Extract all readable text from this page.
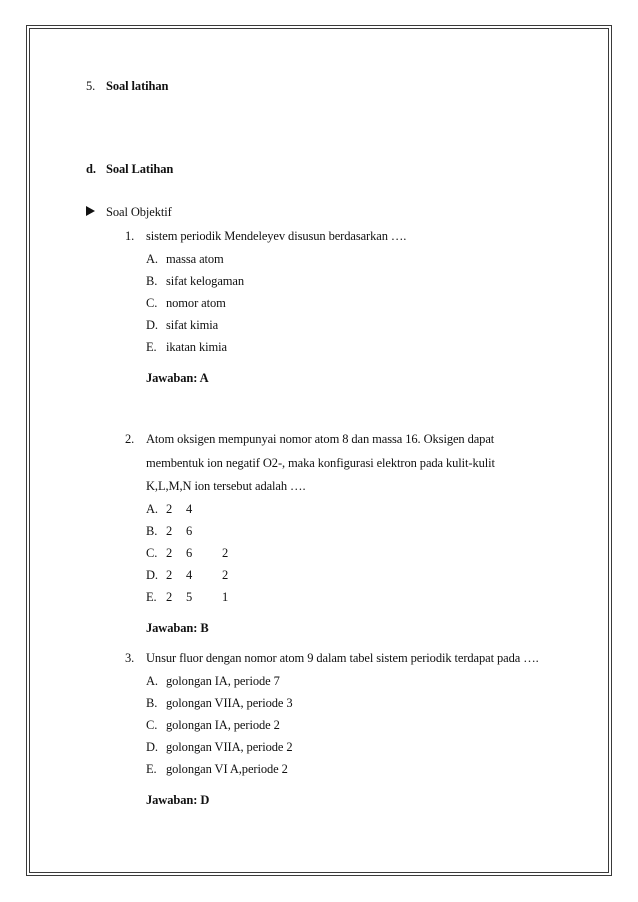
5. Soal latihan
d. Soal Latihan
Soal Objektif
1. sistem periodik Mendeleyev disusun berdasarkan ….
A. massa atom
B. sifat kelogaman
C. nomor atom
D. sifat kimia
E. ikatan kimia
Jawaban: A
2. Atom oksigen mempunyai nomor atom 8 dan massa 16. Oksigen dapat
membentuk ion negatif O2-, maka konfigurasi elektron pada kulit-kulit
K,L,M,N ion tersebut adalah ….
A. 2 4
B. 2 6
C. 2 6 2
D. 2 4 2
E. 2 5 1
Jawaban: B
3. Unsur fluor dengan nomor atom 9 dalam tabel sistem periodik terdapat pada ….
A. golongan IA, periode 7
B. golongan VIIA, periode 3
C. golongan IA, periode 2
D. golongan VIIA, periode 2
E. golongan VI A,periode 2
Jawaban: D
